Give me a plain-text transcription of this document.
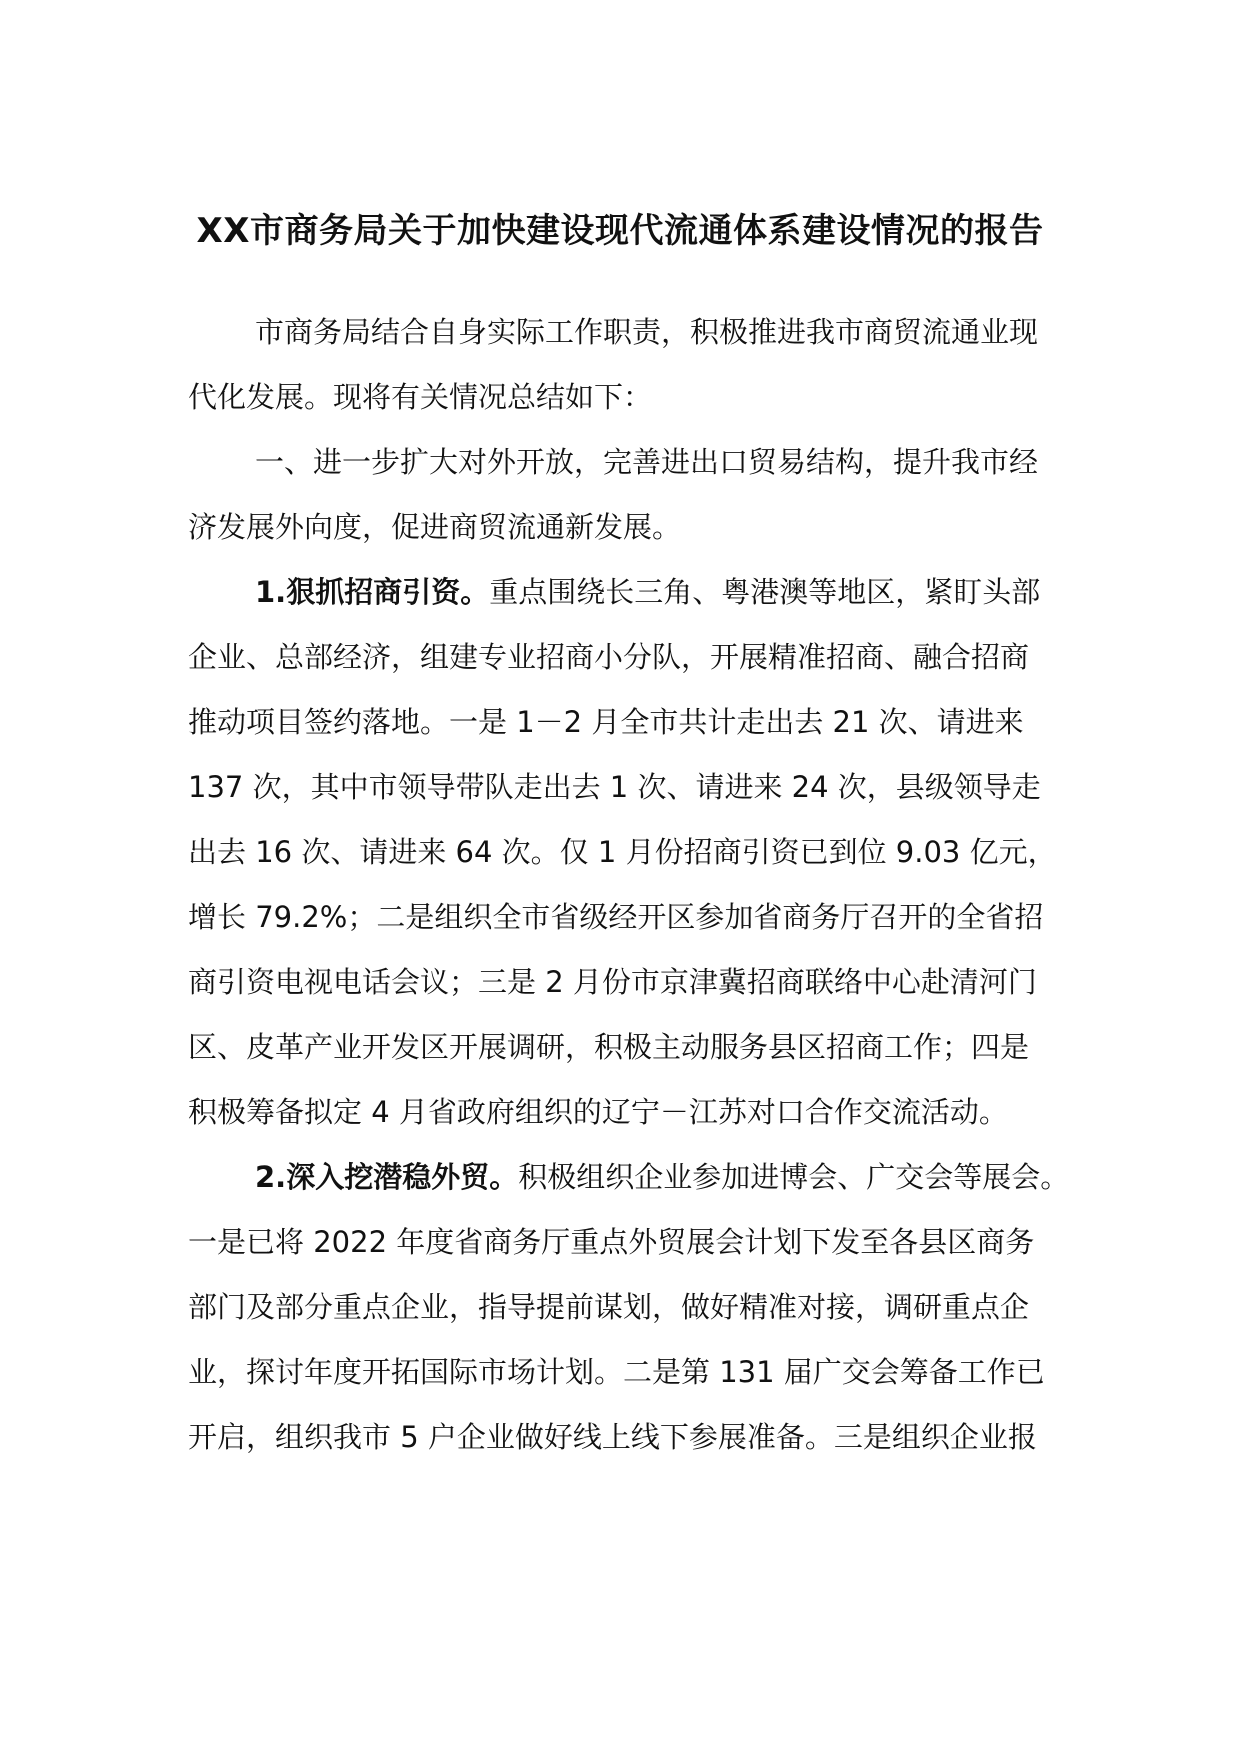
XX市商务局关于加快建设现代流通体系建设情况的报告
市商务局结合自身实际工作职责，积极推进我市商贸流通业现
代化发展。现将有关情况总结如下：
一、进一步扩大对外开放，完善进出口贸易结构，提升我市经
济发展外向度，促进商贸流通新发展。
1.狠抓招商引资。重点围绕长三角、粤港澳等地区，紧盯头部
企业、总部经济，组建专业招商小分队，开展精准招商、融合招商
推动项目签约落地。一是 1－2 月全市共计走出去 21 次、请进来
137 次，其中市领导带队走出去 1 次、请进来 24 次，县级领导走
出去 16 次、请进来 64 次。仅 1 月份招商引资已到位 9.03 亿元，
增长 79.2%；二是组织全市省级经开区参加省商务厅召开的全省招
商引资电视电话会议；三是 2 月份市京津冀招商联络中心赴清河门
区、皮革产业开发区开展调研，积极主动服务县区招商工作；四是
积极筹备拟定 4 月省政府组织的辽宁－江苏对口合作交流活动。
2.深入挖潜稳外贸。积极组织企业参加进博会、广交会等展会。
一是已将 2022 年度省商务厅重点外贸展会计划下发至各县区商务
部门及部分重点企业，指导提前谋划，做好精准对接，调研重点企
业，探讨年度开拓国际市场计划。二是第 131 届广交会筹备工作已
开启，组织我市 5 户企业做好线上线下参展准备。三是组织企业报
